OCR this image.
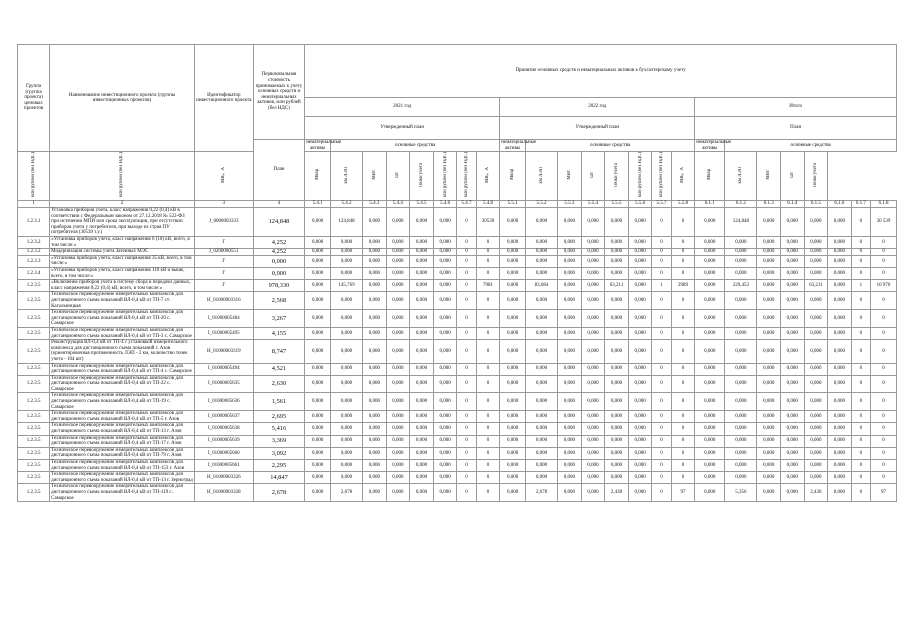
Группа (группа проекта) ценовых проектов	Наименование инвестиционного проекта (группы инвестиционных проектов)	Идентификатор инвестиционного проекта	Первоначальная стоимость принимаемых к учету основных средств и нематериальных активов, млн рублей (без НДС)	Принятие основных средств и нематериальных активов к бухгалтерскому учету																							
				2021 год								2022 год								Итого							
				Утвержденный план								Утвержденный план								План							
			План	нематериальные активы	основные средства							нематериальные активы	основные средства							нематериальные активы	основные средства						
млн рублей (без НДС)	млн рублей (без НДС)	МВ×А		Мвар	км ЛЭП	МВт	шт	Точки учета	млн рублей (без НДС)	млн рублей (без НДС)	МВ×А	Мвар	км ЛЭП	МВт	шт	Точки учета	млн рублей (без НДС)	млн рублей (без НДС)	МВ×А	Мвар	км ЛЭП	МВт	шт	Точки учета			
1	2	3	4	5.4.1	5.4.2	5.4.3	5.4.4	5.4.5	5.4.6	5.4.7	5.4.8	5.5.1	5.5.2	5.5.3	5.5.4	5.5.5	5.5.6	5.5.7	5.5.8	6.1.1	6.1.2	6.1.3	6.1.4	6.1.5	6.1.6	6.1.7	6.1.8
1.2.3.1	Установка приборов учета, класс напряжения 0,22 (0,4) кВ в соответствии с Федеральным законом от 27.12.2018 № 522-ФЗ при истечении МПИ или срока эксплуатации, при отсутствии приборов учета у потребителя, при выходе из строя ПУ потребителя (30539 т.у.)	J_0000003333	124,848	0,000	124,848	0,000	0,000	0,000	0,000	0	30539	0,000	0,000	0,000	0,000	0,000	0,000	0	0	0,000	124,848	0,000	0,000	0,000	0,000	0	30 539
1.2.3.2	«Установка приборов учета, класс напряжения 6 (10) кВ, всего, в том числе:»	Г	4,252	0,000	0,000	0,000	0,000	0,000	0,000	0	0	0,000	0,000	0,000	0,000	0,000	0,000	0	0	0,000	0,000	0,000	0,000	0,000	0,000	0	0
1.2.3.2	Модернизация системы учета Затеиных МЭС	I_0200000551	4,252	0,000	0,000	0,000	0,000	0,000	0,000	0	0	0,000	0,000	0,000	0,000	0,000	0,000	0	0	0,000	0,000	0,000	0,000	0,000	0,000	0	0
1.2.3.3	«Установка приборов учета, класс напряжения 35 кВ, всего, в том числе:»	Г	0,000	0,000	0,000	0,000	0,000	0,000	0,000	0	0	0,000	0,000	0,000	0,000	0,000	0,000	0	0	0,000	0,000	0,000	0,000	0,000	0,000	0	0
1.2.3.4	«Установка приборов учета, класс напряжения 110 кВ и выше, всего, в том числе:»	Г	0,000	0,000	0,000	0,000	0,000	0,000	0,000	0	0	0,000	0,000	0,000	0,000	0,000	0,000	0	0	0,000	0,000	0,000	0,000	0,000	0,000	0	0
1.2.3.5	«Включение приборов учета в систему сбора и передачи данных, класс напряжения 0,22 (0,4) кВ, всего, в том числе:»	Г	978,330	0,000	145,769	0,000	0,000	0,000	0,000	0	7981	0,000	83,684	0,000	0,000	63,211	0,000	1	2989	0,000	229,453	0,000	0,000	63,211	0,000	1	10 970
1.2.3.5	Техническое перевооружение измерительных комплексов для дистанционного съема показаний ВЛ-0,4 кВ от ТП-7 ст. Кагальницкая	H_01000003316	2,568	0,000	0,000	0,000	0,000	0,000	0,000	0	0	0,000	0,000	0,000	0,000	0,000	0,000	0	0	0,000	0,000	0,000	0,000	0,000	0,000	0	0
1.2.3.5	Техническое перевооружение измерительных комплексов для дистанционного съема показаний ВЛ-0,4 кВ от ТП-20 с. Самарское	I_01000005484	3,267	0,000	0,000	0,000	0,000	0,000	0,000	0	0	0,000	0,000	0,000	0,000	0,000	0,000	0	0	0,000	0,000	0,000	0,000	0,000	0,000	0	0
1.2.3.5	Техническое перевооружение измерительных комплексов для дистанционного съема показаний ВЛ-0,4 кВ от ТП-3 с. Самарское	I_01000005495	4,155	0,000	0,000	0,000	0,000	0,000	0,000	0	0	0,000	0,000	0,000	0,000	0,000	0,000	0	0	0,000	0,000	0,000	0,000	0,000	0,000	0	0
1.2.3.5	Реконструкция ВЛ-0,4 кВ от ТП-4 с установкой измерительного комплекса для дистанционного съема показаний г. Азов (ориентировочная протяженность ЛЭП - 2 км, количество точек учета - 104 шт)	H_01000003319	8,747	0,000	0,000	0,000	0,000	0,000	0,000	0	0	0,000	0,000	0,000	0,000	0,000	0,000	0	0	0,000	0,000	0,000	0,000	0,000	0,000	0	0
1.2.3.5	Техническое перевооружение измерительных комплексов для дистанционного съема показаний ВЛ-0,4 кВ от ТП-4 с. Самарское	I_01000005494	4,521	0,000	0,000	0,000	0,000	0,000	0,000	0	0	0,000	0,000	0,000	0,000	0,000	0,000	0	0	0,000	0,000	0,000	0,000	0,000	0,000	0	0
1.2.3.5	Техническое перевооружение измерительных комплексов для дистанционного съема показаний ВЛ-0,4 кВ от ТП-22 с. Самарское	I_01000005635	2,630	0,000	0,000	0,000	0,000	0,000	0,000	0	0	0,000	0,000	0,000	0,000	0,000	0,000	0	0	0,000	0,000	0,000	0,000	0,000	0,000	0	0
1.2.3.5	Техническое перевооружение измерительных комплексов для дистанционного съема показаний ВЛ-0,4 кВ от ТП-19 с. Самарское	I_01000005636	1,561	0,000	0,000	0,000	0,000	0,000	0,000	0	0	0,000	0,000	0,000	0,000	0,000	0,000	0	0	0,000	0,000	0,000	0,000	0,000	0,000	0	0
1.2.3.5	Техническое перевооружение измерительных комплексов для дистанционного съема показаний ВЛ-0,4 кВ от ТП-5 г. Азов	I_01000005637	2,695	0,000	0,000	0,000	0,000	0,000	0,000	0	0	0,000	0,000	0,000	0,000	0,000	0,000	0	0	0,000	0,000	0,000	0,000	0,000	0,000	0	0
1.2.3.5	Техническое перевооружение измерительных комплексов для дистанционного съема показаний ВЛ-0,4 кВ от ТП-13 г. Азов	I_01000005638	5,416	0,000	0,000	0,000	0,000	0,000	0,000	0	0	0,000	0,000	0,000	0,000	0,000	0,000	0	0	0,000	0,000	0,000	0,000	0,000	0,000	0	0
1.2.3.5	Техническое перевооружение измерительных комплексов для дистанционного съема показаний ВЛ-0,4 кВ от ТП-17 г. Азов	I_01000005639	3,369	0,000	0,000	0,000	0,000	0,000	0,000	0	0	0,000	0,000	0,000	0,000	0,000	0,000	0	0	0,000	0,000	0,000	0,000	0,000	0,000	0	0
1.2.3.5	Техническое перевооружение измерительных комплексов для дистанционного съема показаний ВЛ-0,4 кВ от ТП-79 г. Азов	I_01000005660	3,092	0,000	0,000	0,000	0,000	0,000	0,000	0	0	0,000	0,000	0,000	0,000	0,000	0,000	0	0	0,000	0,000	0,000	0,000	0,000	0,000	0	0
1.2.3.5	Техническое перевооружение измерительных комплексов для дистанционного съема показаний ВЛ-0,4 кВ от ТП-153 г. Азов	I_01000005661	2,295	0,000	0,000	0,000	0,000	0,000	0,000	0	0	0,000	0,000	0,000	0,000	0,000	0,000	0	0	0,000	0,000	0,000	0,000	0,000	0,000	0	0
1.2.3.5	Техническое перевооружение измерительных комплексов для дистанционного съема показаний ВЛ-0,4 кВ от ТП-13 г. Зерноград	H_01000003326	14,847	0,000	0,000	0,000	0,000	0,000	0,000	0	0	0,000	0,000	0,000	0,000	0,000	0,000	0	0	0,000	0,000	0,000	0,000	0,000	0,000	0	0
1.2.3.5	Техническое перевооружение измерительных комплексов для дистанционного съема показаний ВЛ-0,4 кВ от ТП-119 с. Самарское	H_01000003328	2,678	0,000	2,678	0,000	0,000	0,000	0,000	0	0	0,000	2,678	0,000	0,000	2,430	0,000	0	97	0,000	5,356	0,000	0,000	2,430	0,000	0	97
